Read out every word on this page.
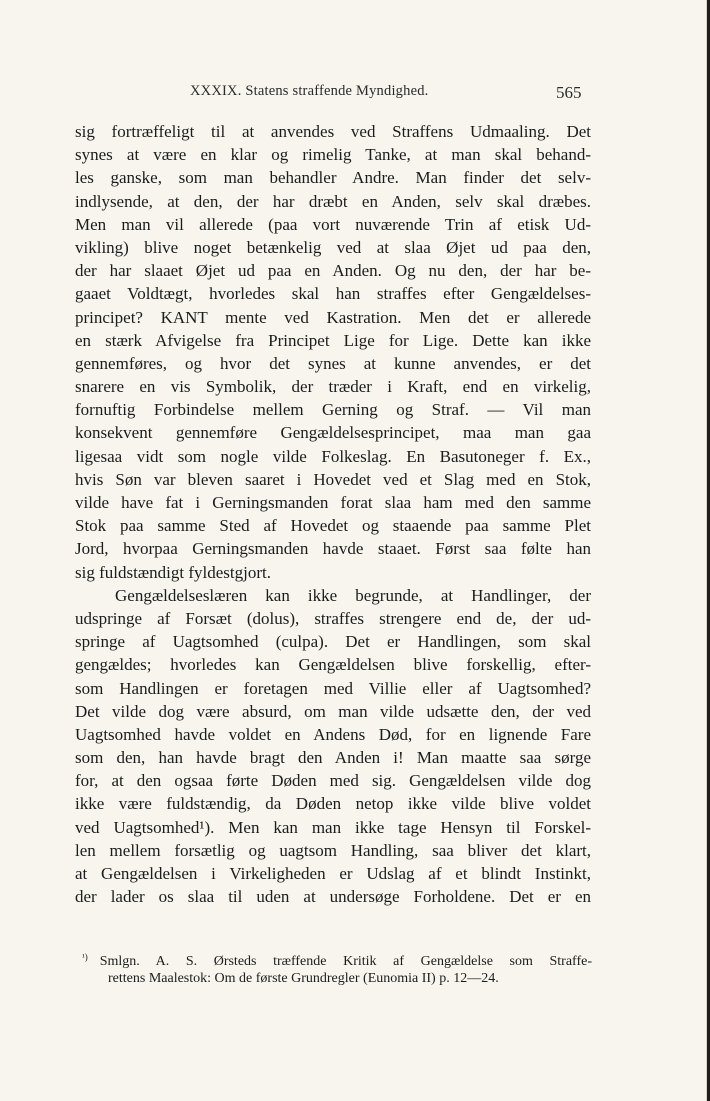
XXXIX. Statens straffende Myndighed.	565
sig fortræffeligt til at anvendes ved Straffens Udmaaling. Det
synes at være en klar og rimelig Tanke, at man skal behand-
les ganske, som man behandler Andre. Man finder det selv-
indlysende, at den, der har dræbt en Anden, selv skal dræbes.
Men man vil allerede (paa vort nuværende Trin af etisk Ud-
vikling) blive noget betænkelig ved at slaa Øjet ud paa den,
der har slaaet Øjet ud paa en Anden. Og nu den, der har be-
gaaet Voldtægt, hvorledes skal han straffes efter Gengældelses-
principet? KANT mente ved Kastration. Men det er allerede
en stærk Afvigelse fra Principet Lige for Lige. Dette kan ikke
gennemføres, og hvor det synes at kunne anvendes, er det
snarere en vis Symbolik, der træder i Kraft, end en virkelig,
fornuftig Forbindelse mellem Gerning og Straf. — Vil man
konsekvent gennemføre Gengældelsesprincipet, maa man gaa
ligesaa vidt som nogle vilde Folkeslag. En Basutoneger f. Ex.,
hvis Søn var bleven saaret i Hovedet ved et Slag med en Stok,
vilde have fat i Gerningsmanden forat slaa ham med den samme
Stok paa samme Sted af Hovedet og staaende paa samme Plet
Jord, hvorpaa Gerningsmanden havde staaet. Først saa følte han
sig fuldstændigt fyldestgjort.
Gengældelseslæren kan ikke begrunde, at Handlinger, der
udspringe af Forsæt (dolus), straffes strengere end de, der ud-
springe af Uagtsomhed (culpa). Det er Handlingen, som skal
gengældes; hvorledes kan Gengældelsen blive forskellig, efter-
som Handlingen er foretagen med Villie eller af Uagtsomhed?
Det vilde dog være absurd, om man vilde udsætte den, der ved
Uagtsomhed havde voldet en Andens Død, for en lignende Fare
som den, han havde bragt den Anden i! Man maatte saa sørge
for, at den ogsaa førte Døden med sig. Gengældelsen vilde dog
ikke være fuldstændig, da Døden netop ikke vilde blive voldet
ved Uagtsomhed¹). Men kan man ikke tage Hensyn til Forskel-
len mellem forsætlig og uagtsom Handling, saa bliver det klart,
at Gengældelsen i Virkeligheden er Udslag af et blindt Instinkt,
der lader os slaa til uden at undersøge Forholdene. Det er en
$^{^1)}$ Smlgn. A. S. Ørsteds træffende Kritik af Gengældelse som Straffe-
rettens Maalestok: Om de første Grundregler (Eunomia II) p. 12—24.
